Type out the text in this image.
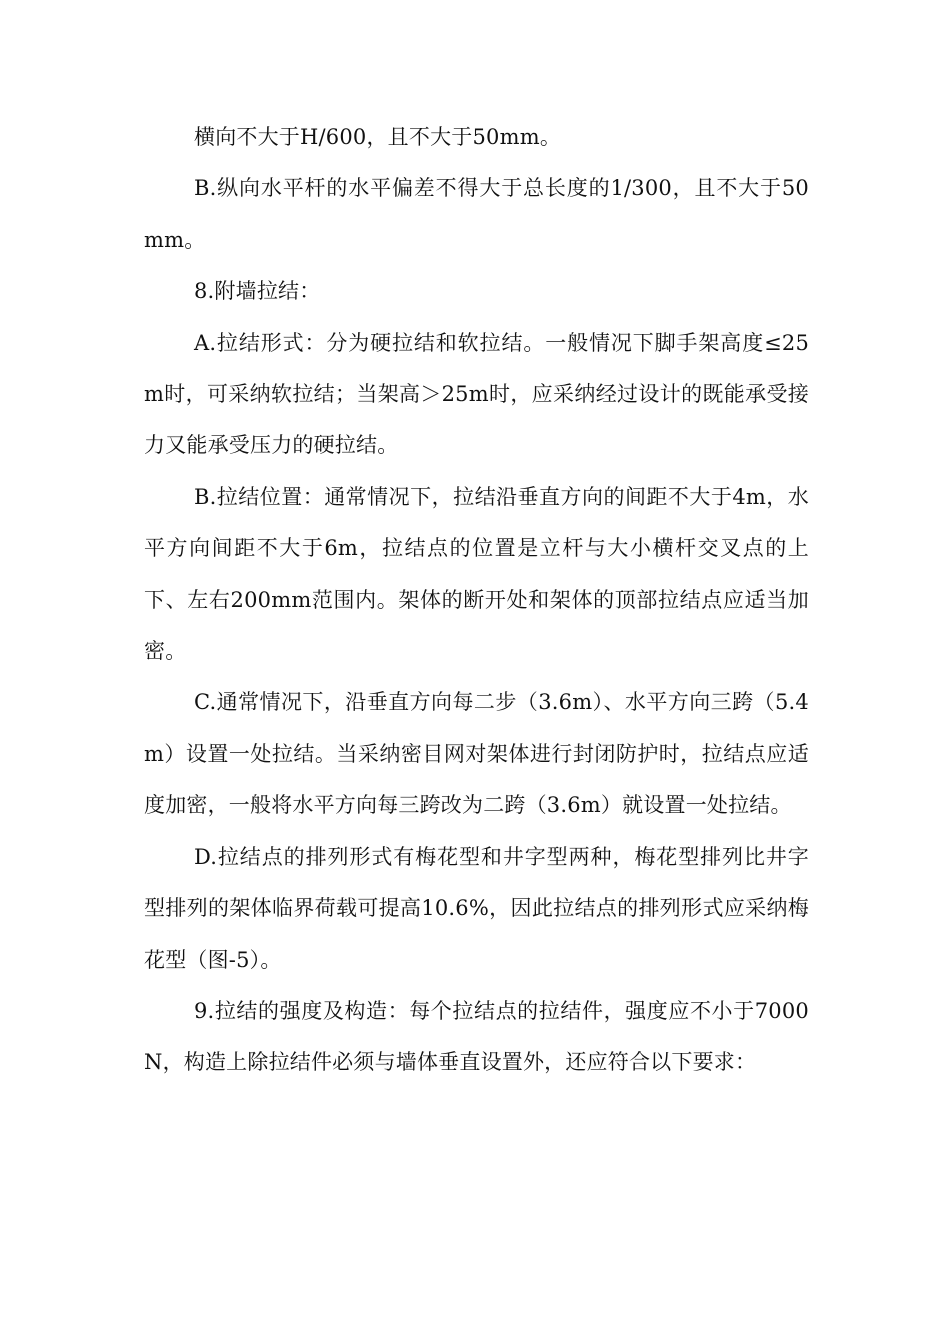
横向不大于H/600，且不大于50mm。

B.纵向水平杆的水平偏差不得大于总长度的1/300，且不大于50mm。

8.附墙拉结：

A.拉结形式：分为硬拉结和软拉结。一般情况下脚手架高度≤25m时，可采纳软拉结；当架高＞25m时，应采纳经过设计的既能承受接力又能承受压力的硬拉结。

B.拉结位置：通常情况下，拉结沿垂直方向的间距不大于4m，水平方向间距不大于6m，拉结点的位置是立杆与大小横杆交叉点的上下、左右200mm范围内。架体的断开处和架体的顶部拉结点应适当加密。

C.通常情况下，沿垂直方向每二步（3.6m）、水平方向三跨（5.4m）设置一处拉结。当采纳密目网对架体进行封闭防护时，拉结点应适度加密，一般将水平方向每三跨改为二跨（3.6m）就设置一处拉结。

D.拉结点的排列形式有梅花型和井字型两种，梅花型排列比井字型排列的架体临界荷载可提高10.6%，因此拉结点的排列形式应采纳梅花型（图-5）。

9.拉结的强度及构造：每个拉结点的拉结件，强度应不小于7000N，构造上除拉结件必须与墙体垂直设置外，还应符合以下要求：
